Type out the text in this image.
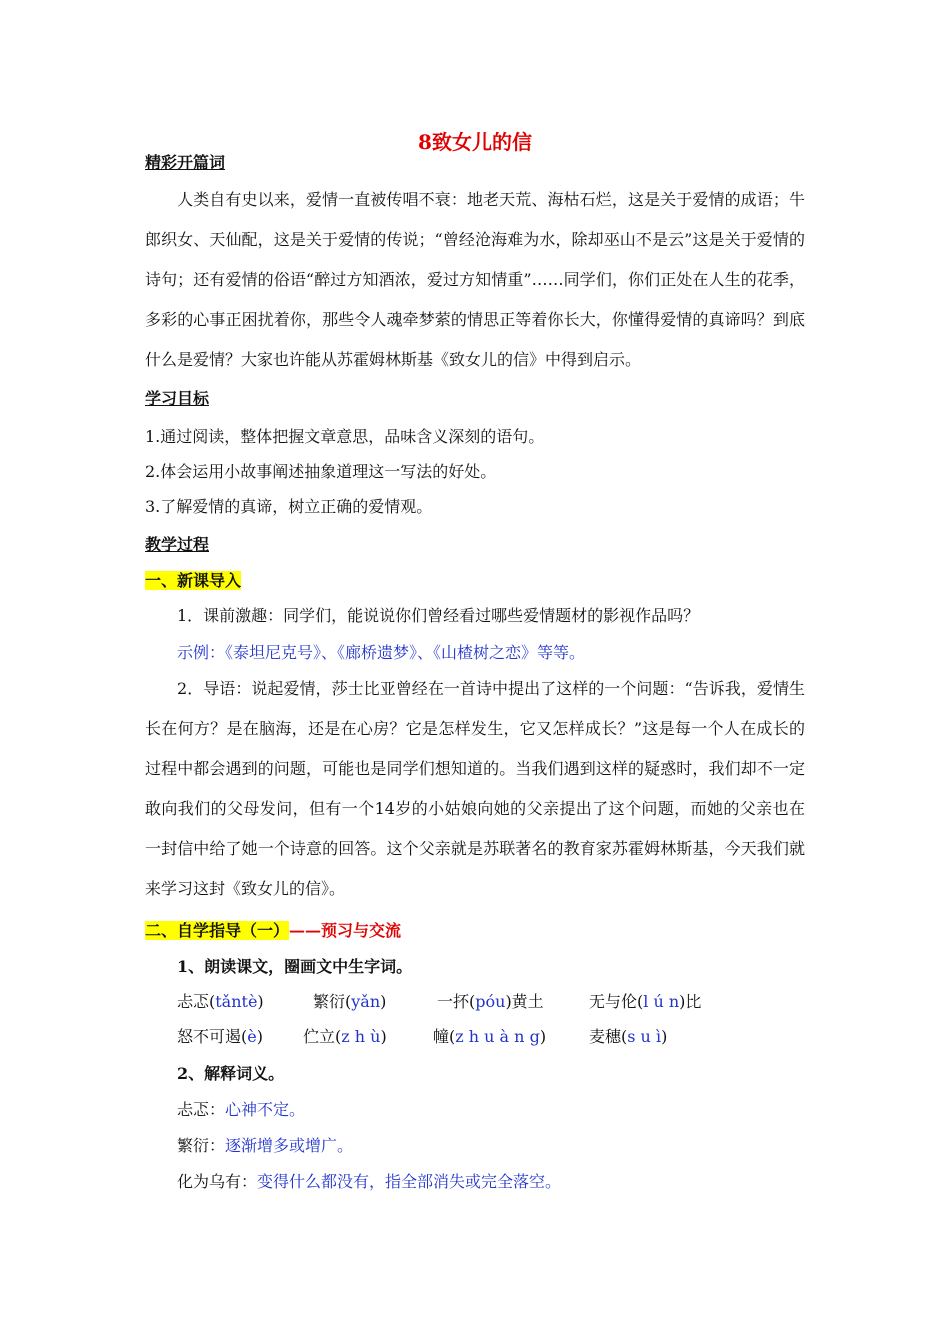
8致女儿的信
精彩开篇词
人类自有史以来，爱情一直被传唱不衰：地老天荒、海枯石烂，这是关于爱情的成语；牛郎织女、天仙配，这是关于爱情的传说；“曾经沧海难为水，除却巫山不是云”这是关于爱情的诗句；还有爱情的俗语“醉过方知酒浓，爱过方知情重”……同学们，你们正处在人生的花季，多彩的心事正困扰着你，那些令人魂牵梦萦的情思正等着你长大，你懂得爱情的真谛吗？到底什么是爱情？大家也许能从苏霍姆林斯基《致女儿的信》中得到启示。
学习目标
1.通过阅读，整体把握文章意思，品味含义深刻的语句。
2.体会运用小故事阐述抽象道理这一写法的好处。
3.了解爱情的真谛，树立正确的爱情观。
教学过程
一、新课导入
1．课前激趣：同学们，能说说你们曾经看过哪些爱情题材的影视作品吗？
示例：《泰坦尼克号》、《廊桥遗梦》、《山楂树之恋》等等。
2．导语：说起爱情，莎士比亚曾经在一首诗中提出了这样的一个问题：“告诉我，爱情生长在何方？是在脑海，还是在心房？它是怎样发生，它又怎样成长？”这是每一个人在成长的过程中都会遇到的问题，可能也是同学们想知道的。当我们遇到这样的疑惑时，我们却不一定敢向我们的父母发问，但有一个14岁的小姑娘向她的父亲提出了这个问题，而她的父亲也在一封信中给了她一个诗意的回答。这个父亲就是苏联著名的教育家苏霍姆林斯基，今天我们就来学习这封《致女儿的信》。
二、自学指导（一）——预习与交流
1、朗读课文，圈画文中生字词。
忐忑(tǎntè)	繁衍(yǎn)	一抔(póu)黄土	无与伦(l ú n)比
怒不可遏(è)	伫立(z h ù)	幢(z h u à n g)	麦穗(s u ì)
2、解释词义。
忐忑：心神不定。
繁衍：逐渐增多或增广。
化为乌有：变得什么都没有，指全部消失或完全落空。
